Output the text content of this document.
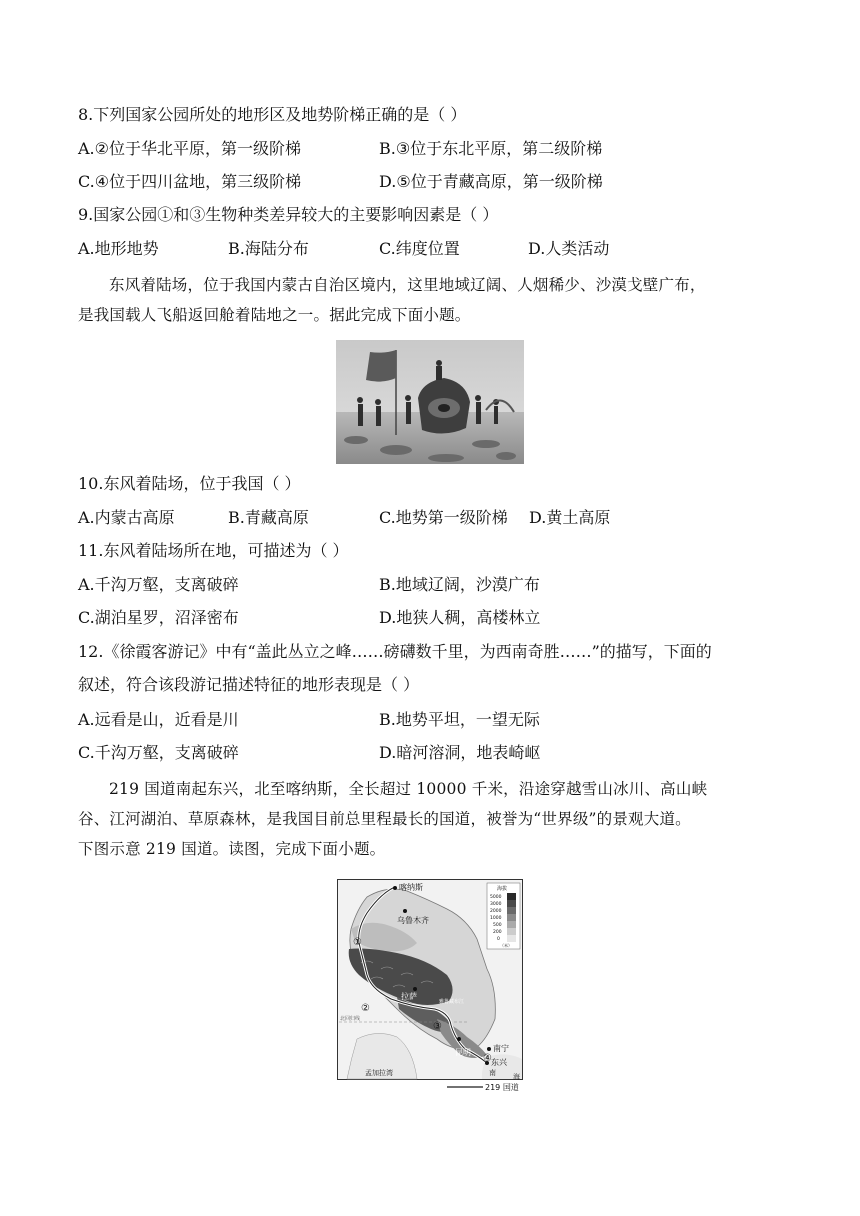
8.下列国家公园所处的地形区及地势阶梯正确的是（ ）
A.②位于华北平原，第一级阶梯	B.③位于东北平原，第二级阶梯
C.④位于四川盆地，第三级阶梯	D.⑤位于青藏高原，第一级阶梯
9.国家公园①和③生物种类差异较大的主要影响因素是（ ）
A.地形地势	B.海陆分布	C.纬度位置	D.人类活动
东风着陆场，位于我国内蒙古自治区境内，这里地域辽阔、人烟稀少、沙漠戈壁广布，
是我国载人飞船返回舱着陆地之一。据此完成下面小题。
10.东风着陆场，位于我国（ ）
A.内蒙古高原	B.青藏高原	C.地势第一级阶梯 D.黄土高原
11.东风着陆场所在地，可描述为（ ）
A.千沟万壑，支离破碎	B.地域辽阔，沙漠广布
C.湖泊星罗，沼泽密布	D.地狭人稠，高楼林立
12.《徐霞客游记》中有“盖此丛立之峰……磅礴数千里，为西南奇胜……”的描写，下面的
叙述，符合该段游记描述特征的地形表现是（ ）
A.远看是山，近看是川	B.地势平坦，一望无际
C.千沟万壑，支离破碎	D.暗河溶洞，地表崎岖
219 国道南起东兴，北至喀纳斯，全长超过 10000 千米，沿途穿越雪山冰川、高山峡
谷、江河湖泊、草原森林，是我国目前总里程最长的国道，被誉为“世界级”的景观大道。
下图示意 219 国道。读图，完成下面小题。
北回归线
喀纳斯
乌鲁木齐
拉萨
昆明	南宁
东兴
雅鲁藏布江
孟加拉湾	南 海
①
②
③
④
海拔
5000
3000
2000
1000
500
200
0
（米）
219 国道
